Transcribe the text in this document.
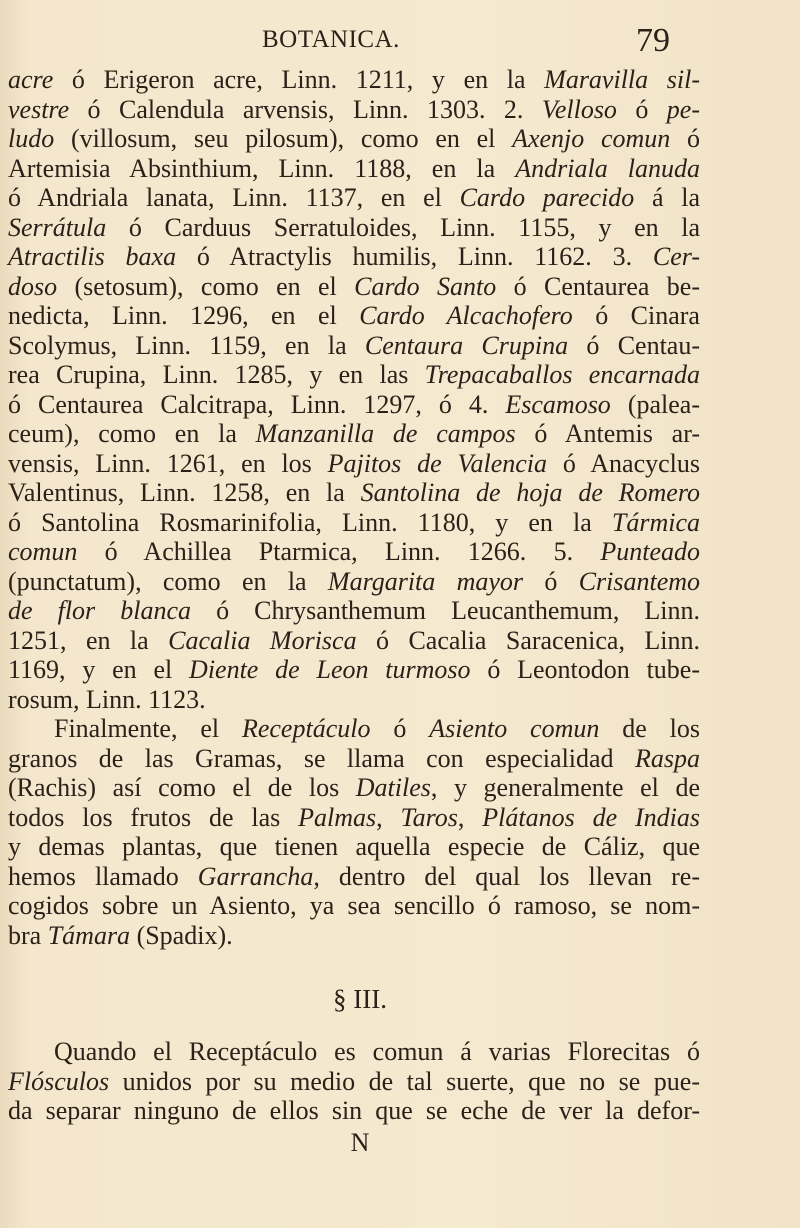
BOTANICA.	79
acre ó Erigeron acre, Linn. 1211, y en la Maravilla sil-
vestre ó Calendula arvensis, Linn. 1303. 2. Velloso ó pe-
ludo (villosum, seu pilosum), como en el Axenjo comun ó
Artemisia Absinthium, Linn. 1188, en la Andriala lanuda
ó Andriala lanata, Linn. 1137, en el Cardo parecido á la
Serrátula ó Carduus Serratuloides, Linn. 1155, y en la
Atractilis baxa ó Atractylis humilis, Linn. 1162. 3. Cer-
doso (setosum), como en el Cardo Santo ó Centaurea be-
nedicta, Linn. 1296, en el Cardo Alcachofero ó Cinara
Scolymus, Linn. 1159, en la Centaura Crupina ó Centau-
rea Crupina, Linn. 1285, y en las Trepacaballos encarnada
ó Centaurea Calcitrapa, Linn. 1297, ó 4. Escamoso (palea-
ceum), como en la Manzanilla de campos ó Antemis ar-
vensis, Linn. 1261, en los Pajitos de Valencia ó Anacyclus
Valentinus, Linn. 1258, en la Santolina de hoja de Romero
ó Santolina Rosmarinifolia, Linn. 1180, y en la Tármica
comun ó Achillea Ptarmica, Linn. 1266. 5. Punteado
(punctatum), como en la Margarita mayor ó Crisantemo
de flor blanca ó Chrysanthemum Leucanthemum, Linn.
1251, en la Cacalia Morisca ó Cacalia Saracenica, Linn.
1169, y en el Diente de Leon turmoso ó Leontodon tube-
rosum, Linn. 1123.
Finalmente, el Receptáculo ó Asiento comun de los
granos de las Gramas, se llama con especialidad Raspa
(Rachis) así como el de los Datiles, y generalmente el de
todos los frutos de las Palmas, Taros, Plátanos de Indias
y demas plantas, que tienen aquella especie de Cáliz, que
hemos llamado Garrancha, dentro del qual los llevan re-
cogidos sobre un Asiento, ya sea sencillo ó ramoso, se nom-
bra Támara (Spadix).
Quando el Receptáculo es comun á varias Florecitas ó
Flósculos unidos por su medio de tal suerte, que no se pue-
da separar ninguno de ellos sin que se eche de ver la defor-
§ III.
N
